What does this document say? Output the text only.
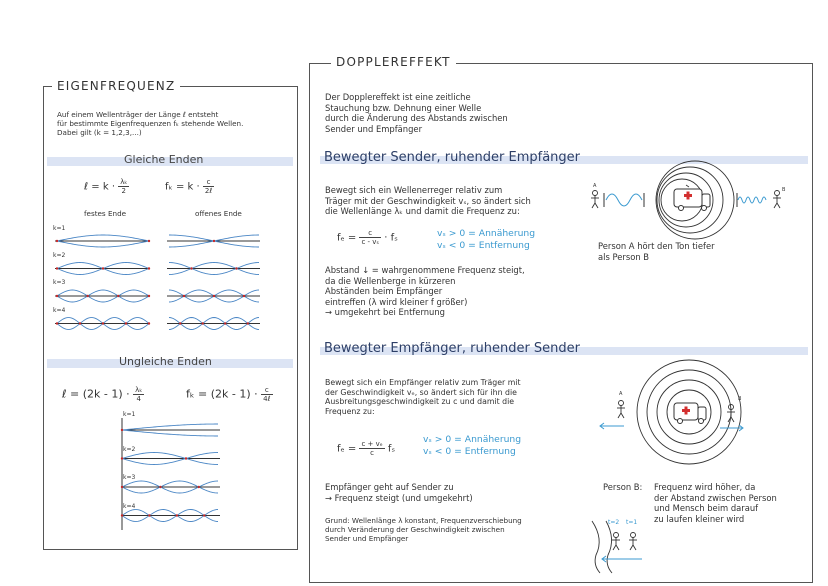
EIGENFREQUENZ
Auf einem Wellenträger der Länge ℓ entsteht
für bestimmte Eigenfrequenzen fₖ stehende Wellen.
Dabei gilt (k = 1,2,3,...)
Gleiche Enden
ℓ = $k \cdot \frac{\text{λₖ}}{2}$	$f_k = k \cdot \frac{c}{\text{2ℓ}}$
festes Ende	offenes Ende
k=1
k=2
k=3
k=4
Ungleiche Enden
ℓ = $(2k - 1) \cdot \frac{\text{λₖ}}{4}$	$f_k = (2k - 1) \cdot \frac{c}{\text{4ℓ}}$
k=1
k=2
k=3
k=4
DOPPLEREFFEKT
Der Dopplereffekt ist eine zeitliche
Stauchung bzw. Dehnung einer Welle
durch die Änderung des Abstands zwischen
Sender und Empfänger
Bewegter Sender, ruhender Empfänger
Bewegt sich ein Wellenerreger relativ zum
Träger mit der Geschwindigkeit vₛ, so ändert sich
die Wellenlänge λₖ und damit die Frequenz zu:
$f_e = \frac{c}{\text{c - vₛ}} \cdot f_s$	vₛ > 0 = Annäherung
vₛ < 0 = Entfernung
Abstand ↓ = wahrgenommene Frequenz steigt,
da die Wellenberge in kürzeren
Abständen beim Empfänger
eintreffen (λ wird kleiner f größer)
→ umgekehrt bei Entfernung
A
B
Person A hört den Ton tiefer
als Person B
Bewegter Empfänger, ruhender Sender
Bewegt sich ein Empfänger relativ zum Träger mit
der Geschwindigkeit vₑ, so ändert sich für ihn die
Ausbreitungsgeschwindigkeit zu c und damit die
Frequenz zu:
$f_e = \frac{\text{c + vₑ}}{c}$ fₛ
vₛ > 0 = Annäherung
vₛ < 0 = Entfernung
Empfänger geht auf Sender zu
→ Frequenz steigt (und umgekehrt)
Grund: Wellenlänge λ konstant, Frequenzverschiebung
durch Veränderung der Geschwindigkeit zwischen
Sender und Empfänger
A
B
t=2 t=1
Person B: Frequenz wird höher, da
der Abstand zwischen Person
und Mensch beim darauf
zu laufen kleiner wird
